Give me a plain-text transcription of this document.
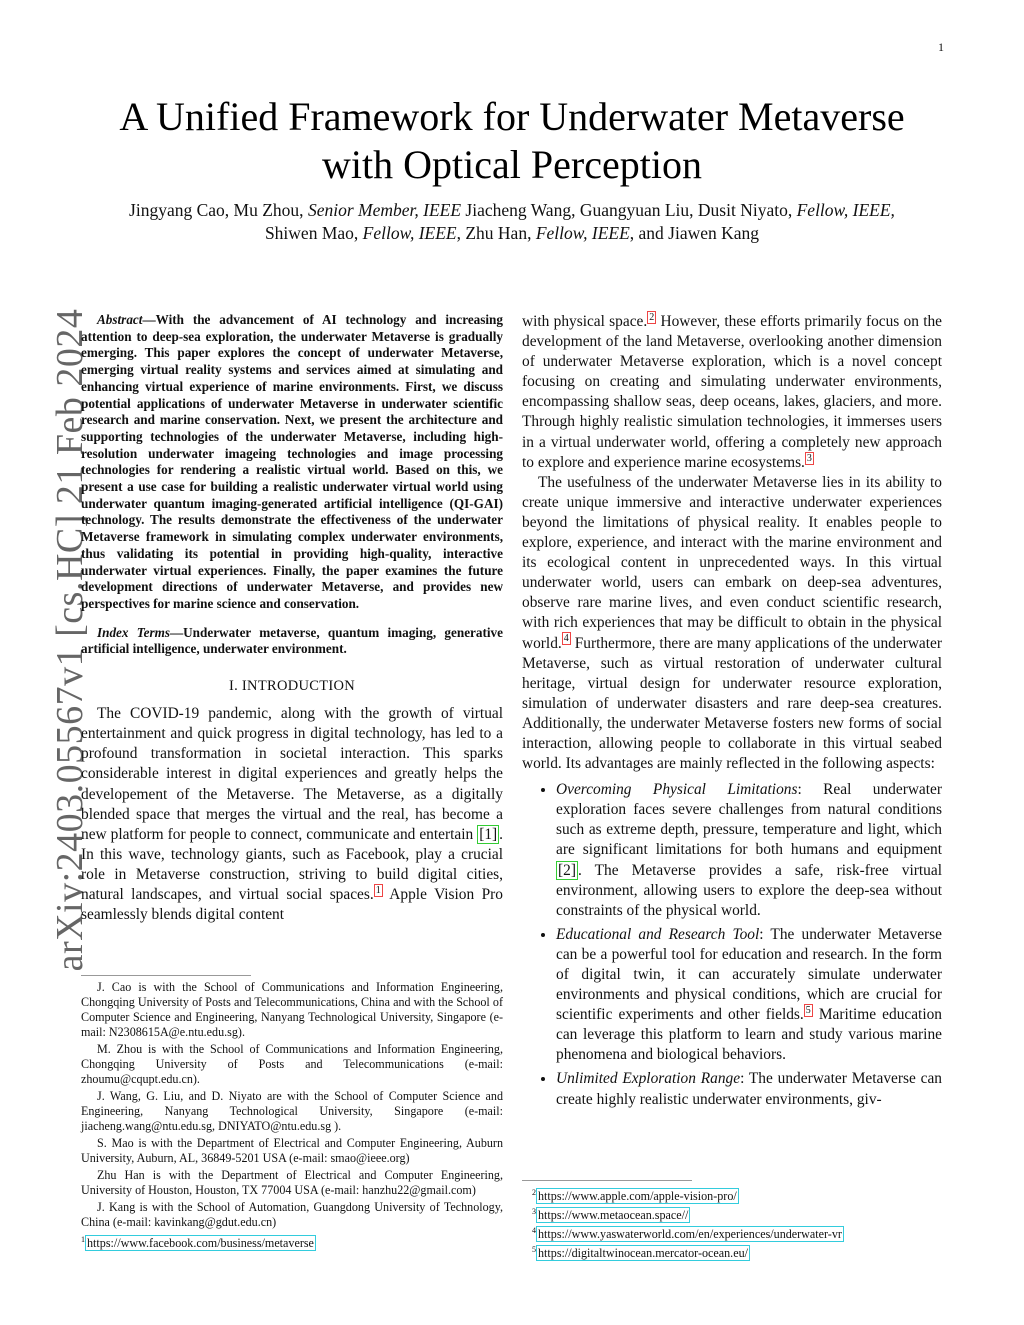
1
arXiv:2403.05567v1 [cs.HC] 21 Feb 2024
A Unified Framework for Underwater Metaverse
with Optical Perception
Jingyang Cao, Mu Zhou, Senior Member, IEEE Jiacheng Wang, Guangyuan Liu, Dusit Niyato, Fellow, IEEE,
Shiwen Mao, Fellow, IEEE, Zhu Han, Fellow, IEEE, and Jiawen Kang

Abstract—With the advancement of AI technology and increasing attention to deep-sea exploration, the underwater Metaverse is gradually emerging. This paper explores the concept of underwater Metaverse, emerging virtual reality systems and services aimed at simulating and enhancing virtual experience of marine environments. First, we discuss potential applications of underwater Metaverse in underwater scientific research and marine conservation. Next, we present the architecture and supporting technologies of the underwater Metaverse, including high-resolution underwater imageing technologies and image processing technologies for rendering a realistic virtual world. Based on this, we present a use case for building a realistic underwater virtual world using underwater quantum imaging-generated artificial intelligence (QI-GAI) technology. The results demonstrate the effectiveness of the underwater Metaverse framework in simulating complex underwater environments, thus validating its potential in providing high-quality, interactive underwater virtual experiences. Finally, the paper examines the future development directions of underwater Metaverse, and provides new perspectives for marine science and conservation.

Index Terms—Underwater metaverse, quantum imaging, generative artificial intelligence, underwater environment.

I. INTRODUCTION

The COVID-19 pandemic, along with the growth of virtual entertainment and quick progress in digital technology, has led to a profound transformation in societal interaction. This sparks considerable interest in digital experiences and greatly helps the developement of the Metaverse. The Metaverse, as a digitally blended space that merges the virtual and the real, has become a new platform for people to connect, communicate and entertain [1] . In this wave, technology giants, such as Facebook, play a crucial role in Metaverse construction, striving to build digital cities, natural landscapes, and virtual social spaces. $^1$ Apple Vision Pro seamlessly blends digital content

J. Cao is with the School of Communications and Information Engineering, Chongqing University of Posts and Telecommunications, China and with the School of Computer Science and Engineering, Nanyang Technological University, Singapore (e-mail: N2308615A@e.ntu.edu.sg).

M. Zhou is with the School of Communications and Information Engineering, Chongqing University of Posts and Telecommunications (e-mail: zhoumu@cqupt.edu.cn).

J. Wang, G. Liu, and D. Niyato are with the School of Computer Science and Engineering, Nanyang Technological University, Singapore (e-mail: jiacheng.wang@ntu.edu.sg, DNIYATO@ntu.edu.sg ).

S. Mao is with the Department of Electrical and Computer Engineering, Auburn University, Auburn, AL, 36849-5201 USA (e-mail: smao@ieee.org)

Zhu Han is with the Department of Electrical and Computer Engineering, University of Houston, Houston, TX 77004 USA (e-mail: hanzhu22@gmail.com)

J. Kang is with the School of Automation, Guangdong University of Technology, China (e-mail: kavinkang@gdut.edu.cn)

$^1$ https://www.facebook.com/business/metaverse

with physical space. $^2$ However, these efforts primarily focus on the development of the land Metaverse, overlooking another dimension of underwater Metaverse exploration, which is a novel concept focusing on creating and simulating underwater environments, encompassing shallow seas, deep oceans, lakes, glaciers, and more. Through highly realistic simulation technologies, it immerses users in a virtual underwater world, offering a completely new approach to explore and experience marine ecosystems. $^3$

The usefulness of the underwater Metaverse lies in its ability to create unique immersive and interactive underwater experiences beyond the limitations of physical reality. It enables people to explore, experience, and interact with the marine environment and its ecological content in unprecedented ways. In this virtual underwater world, users can embark on deep-sea adventures, observe rare marine lives, and even conduct scientific research, with rich experiences that may be difficult to obtain in the physical world. $^4$ Furthermore, there are many applications of the underwater Metaverse, such as virtual restoration of underwater cultural heritage, virtual design for underwater resource exploration, simulation of underwater disasters and rare deep-sea creatures. Additionally, the underwater Metaverse fosters new forms of social interaction, allowing people to collaborate in this virtual seabed world. Its advantages are mainly reflected in the following aspects:

• Overcoming Physical Limitations: Real underwater exploration faces severe challenges from natural conditions such as extreme depth, pressure, temperature and light, which are significant limitations for both humans and equipment [2] . The Metaverse provides a safe, risk-free virtual environment, allowing users to explore the deep-sea without constraints of the physical world.
• Educational and Research Tool: The underwater Metaverse can be a powerful tool for education and research. In the form of digital twin, it can accurately simulate underwater environments and physical conditions, which are crucial for scientific experiments and other fields. $^5$ Maritime education can leverage this platform to learn and study various marine phenomena and biological behaviors.
• Unlimited Exploration Range: The underwater Metaverse can create highly realistic underwater environments, giv-
$^2$ https://www.apple.com/apple-vision-pro/
$^3$ https://www.metaocean.space//
$^4$ https://www.yaswaterworld.com/en/experiences/underwater-vr
$^5$ https://digitaltwinocean.mercator-ocean.eu/
